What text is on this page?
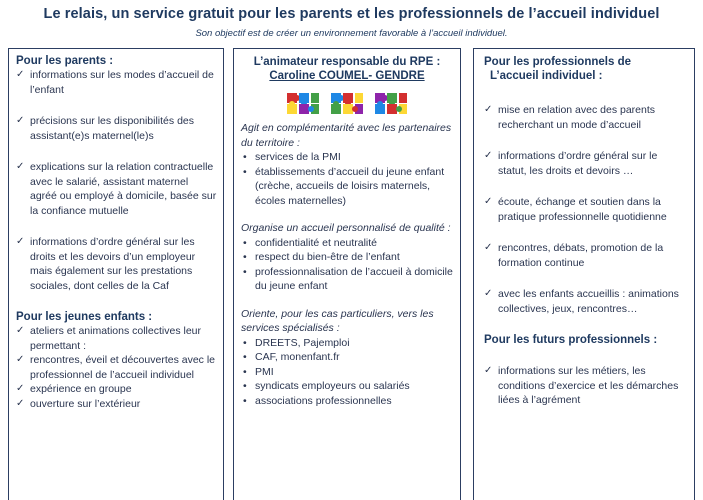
Le relais, un service gratuit pour les parents et les professionnels de l’accueil individuel
Son objectif est de créer un environnement favorable à l’accueil individuel.
Pour les parents :
✓ informations sur les modes d’accueil de l’enfant
✓ précisions sur les disponibilités des assistant(e)s maternel(le)s
✓ explications sur la relation contractuelle avec le salarié, assistant maternel agréé ou employé à domicile, basée sur la confiance mutuelle
✓ informations d’ordre général sur les droits et les devoirs d’un employeur mais également sur les prestations sociales, dont celles de la Caf
Pour les jeunes enfants :
✓ ateliers et animations collectives leur permettant :
✓ rencontres, éveil et découvertes avec le professionnel de l’accueil individuel
✓ expérience en groupe
✓ ouverture sur l’extérieur
L’animateur responsable du RPE :
Caroline COUMEL- GENDRE
Agit en complémentarité avec les partenaires du territoire :
• services de la PMI
• établissements d’accueil du jeune enfant (crèche, accueils de loisirs maternels, écoles maternelles)
Organise un accueil personnalisé de qualité :
• confidentialité et neutralité
• respect du bien-être de l’enfant
• professionnalisation de l’accueil à domicile du jeune enfant
Oriente, pour les cas particuliers, vers les services spécialisés :
• DREETS, Pajemploi
• CAF, monenfant.fr
• PMI
• syndicats employeurs ou salariés
• associations professionnelles
Pour les professionnels de
L’accueil individuel :
✓ mise en relation avec des parents recherchant un mode d’accueil
✓ informations d’ordre général sur le statut, les droits et devoirs …
✓ écoute, échange et soutien dans la pratique professionnelle quotidienne
✓ rencontres, débats, promotion de la formation continue
✓ avec les enfants accueillis : animations collectives, jeux, rencontres…
Pour les futurs professionnels :
✓ informations sur les métiers, les conditions d’exercice et les démarches liées à l’agrément
